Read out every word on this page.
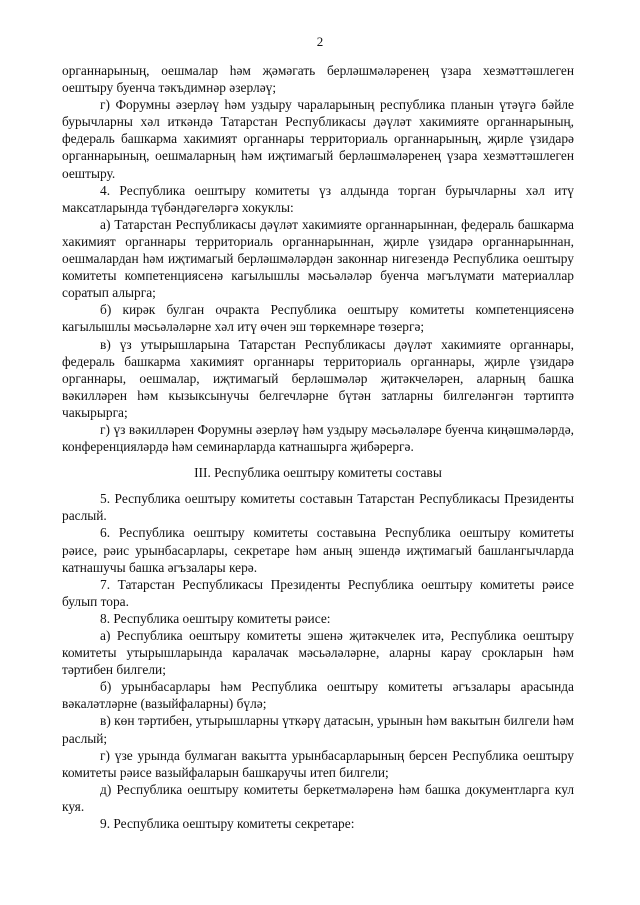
2

органнарының, оешмалар һәм җәмәгать берләшмәләренең үзара хезмәттәшлеген оештыру буенча тәкъдимнәр әзерләү;

г) Форумны әзерләү һәм уздыру чараларының республика планын үтәүгә бәйле бурычларны хәл иткәндә Татарстан Республикасы дәүләт хакимияте органнарының, федераль башкарма хакимият органнары территориаль органнарының, җирле үзидарә органнарының, оешмаларның һәм иҗтимагый берләшмәләренең үзара хезмәттәшлеген оештыру.

4. Республика оештыру комитеты үз алдында торган бурычларны хәл итү максатларында түбәндәгеләргә хокуклы:

а) Татарстан Республикасы дәүләт хакимияте органнарыннан, федераль башкарма хакимият органнары территориаль органнарыннан, җирле үзидарә органнарыннан, оешмалардан һәм иҗтимагый берләшмәләрдән законнар нигезендә Республика оештыру комитеты компетенциясенә кагылышлы мәсьәләләр буенча мәгълүмати материаллар соратып алырга;

б) кирәк булган очракта Республика оештыру комитеты компетенциясенә кагылышлы мәсьәләләрне хәл итү өчен эш төркемнәре төзергә;

в) үз утырышларына Татарстан Республикасы дәүләт хакимияте органнары, федераль башкарма хакимият органнары территориаль органнары, җирле үзидарә органнары, оешмалар, иҗтимагый берләшмәләр җитәкчеләрен, аларның башка вәкилләрен һәм кызыксынучы белгечләрне бүтән затларны билгеләнгән тәртиптә чакырырга;

г) үз вәкилләрен Форумны әзерләү һәм уздыру мәсьәләләре буенча киңәшмәләрдә, конференцияләрдә һәм семинарларда катнашырга җибәрергә.

III. Республика оештыру комитеты составы

5. Республика оештыру комитеты составын Татарстан Республикасы Президенты раслый.

6. Республика оештыру комитеты составына Республика оештыру комитеты рәисе, рәис урынбасарлары, секретаре һәм аның эшендә иҗтимагый башлангычларда катнашучы башка әгъзалары керә.

7. Татарстан Республикасы Президенты Республика оештыру комитеты рәисе булып тора.

8. Республика оештыру комитеты рәисе:

а) Республика оештыру комитеты эшенә җитәкчелек итә, Республика оештыру комитеты утырышларында каралачак мәсьәләләрне, аларны карау срокларын һәм тәртибен билгели;

б) урынбасарлары һәм Республика оештыру комитеты әгъзалары арасында вәкаләтләрне (вазыйфаларны) бүлә;

в) көн тәртибен, утырышларны үткәрү датасын, урынын һәм вакытын билгели һәм раслый;

г) үзе урында булмаган вакытта урынбасарларының берсен Республика оештыру комитеты рәисе вазыйфаларын башкаручы итеп билгели;

д) Республика оештыру комитеты беркетмәләренә һәм башка документларга кул куя.

9. Республика оештыру комитеты секретаре:
